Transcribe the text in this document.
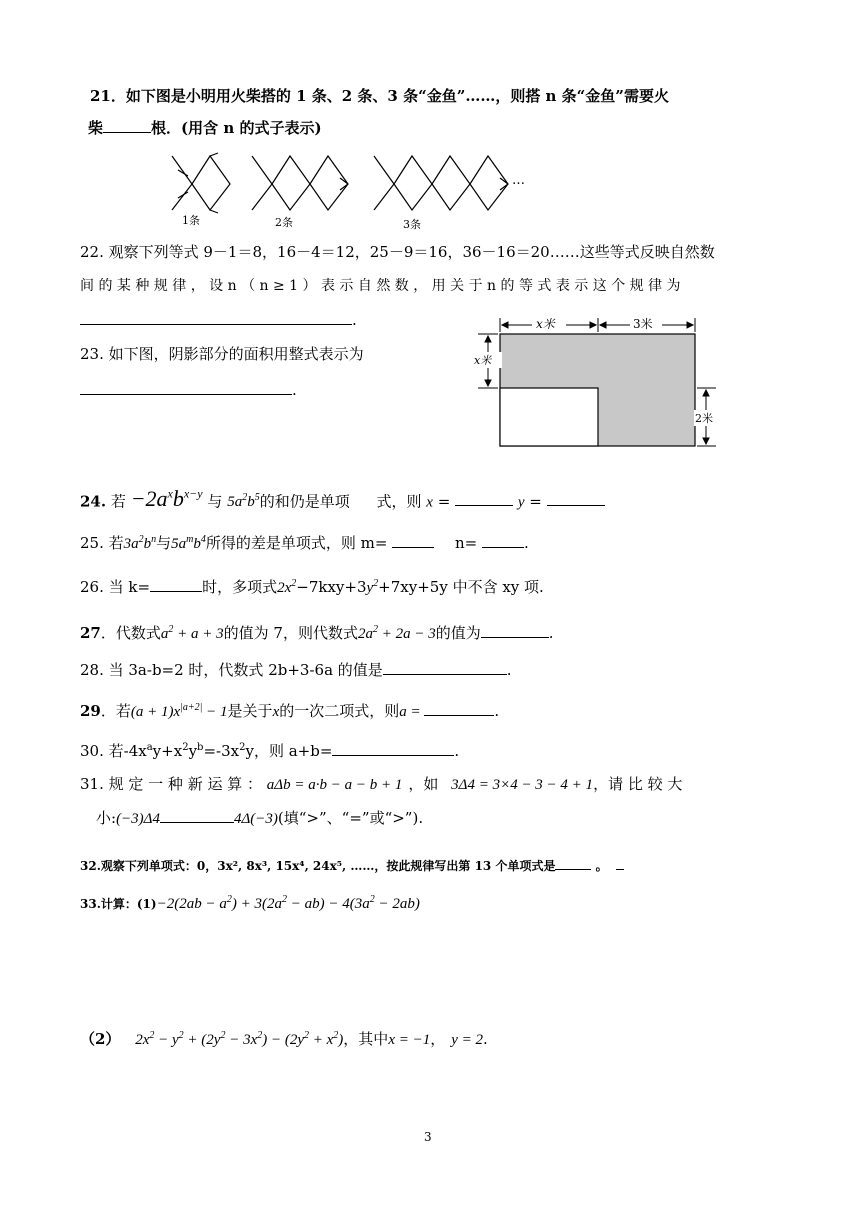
21．如下图是小明用火柴搭的 1 条、2 条、3 条“金鱼”……，则搭 n 条“金鱼”需要火
柴	根．(用含 n 的式子表示)
1条	2条	3条
…
22. 观察下列等式 9－1＝8，16－4＝12，25－9＝16，36－16＝20……这些等式反映自然数
间 的 某 种 规 律 ， 设 n （ n ≥ 1 ） 表 示 自 然 数 ， 用 关 于 n 的 等 式 表 示 这 个 规 律 为
.
23. 如下图，阴影部分的面积用整式表示为
.
x米	3米
x米
2米
24. 若 $-2a^xb^{x-y}$ 与 $5a^2b^5$的和仍是单项 式，则 x =	y =
25. 若$3a^2b^n$与$5a^mb^4$所得的差是单项式，则 m=	n=	.
26. 当 k=	时，多项式$2x^2-7kxy+3y^2+7xy+5y$ 中不含 xy 项.
27．代数式$a^2 + a + 3$的值为 7，则代数式$2a^2 + 2a - 3$的值为	.
28. 当 3a-b=2 时，代数式 2b+3-6a 的值是	.
29．若$(a + 1)x^{|a+2|} - 1$是关于x的一次二项式，则a =	.
30. 若$-4x^ay+x^2y^b=-3x^2y$，则 a+b=	.
31. 规 定 一 种 新 运 算 ： aΔb = a·b − a − b + 1 ，如 3Δ4 = 3×4 − 3 − 4 + 1，请 比 较 大
小:(−3)Δ4	4Δ(−3)(填“>”、“=”或“>”).
32.观察下列单项式：0，3x², 8x³, 15x⁴, 24x⁵, ……，按此规律写出第 13 个单项式是	。
33.计算：$(1)-2(2ab - a^2) + 3(2a^2 - ab) - 4(3a^2 - 2ab)$
（2） $2x^2 - y^2 + (2y^2 - 3x^2) - (2y^2 + x^2)$，其中x = −1， y = 2.
3
